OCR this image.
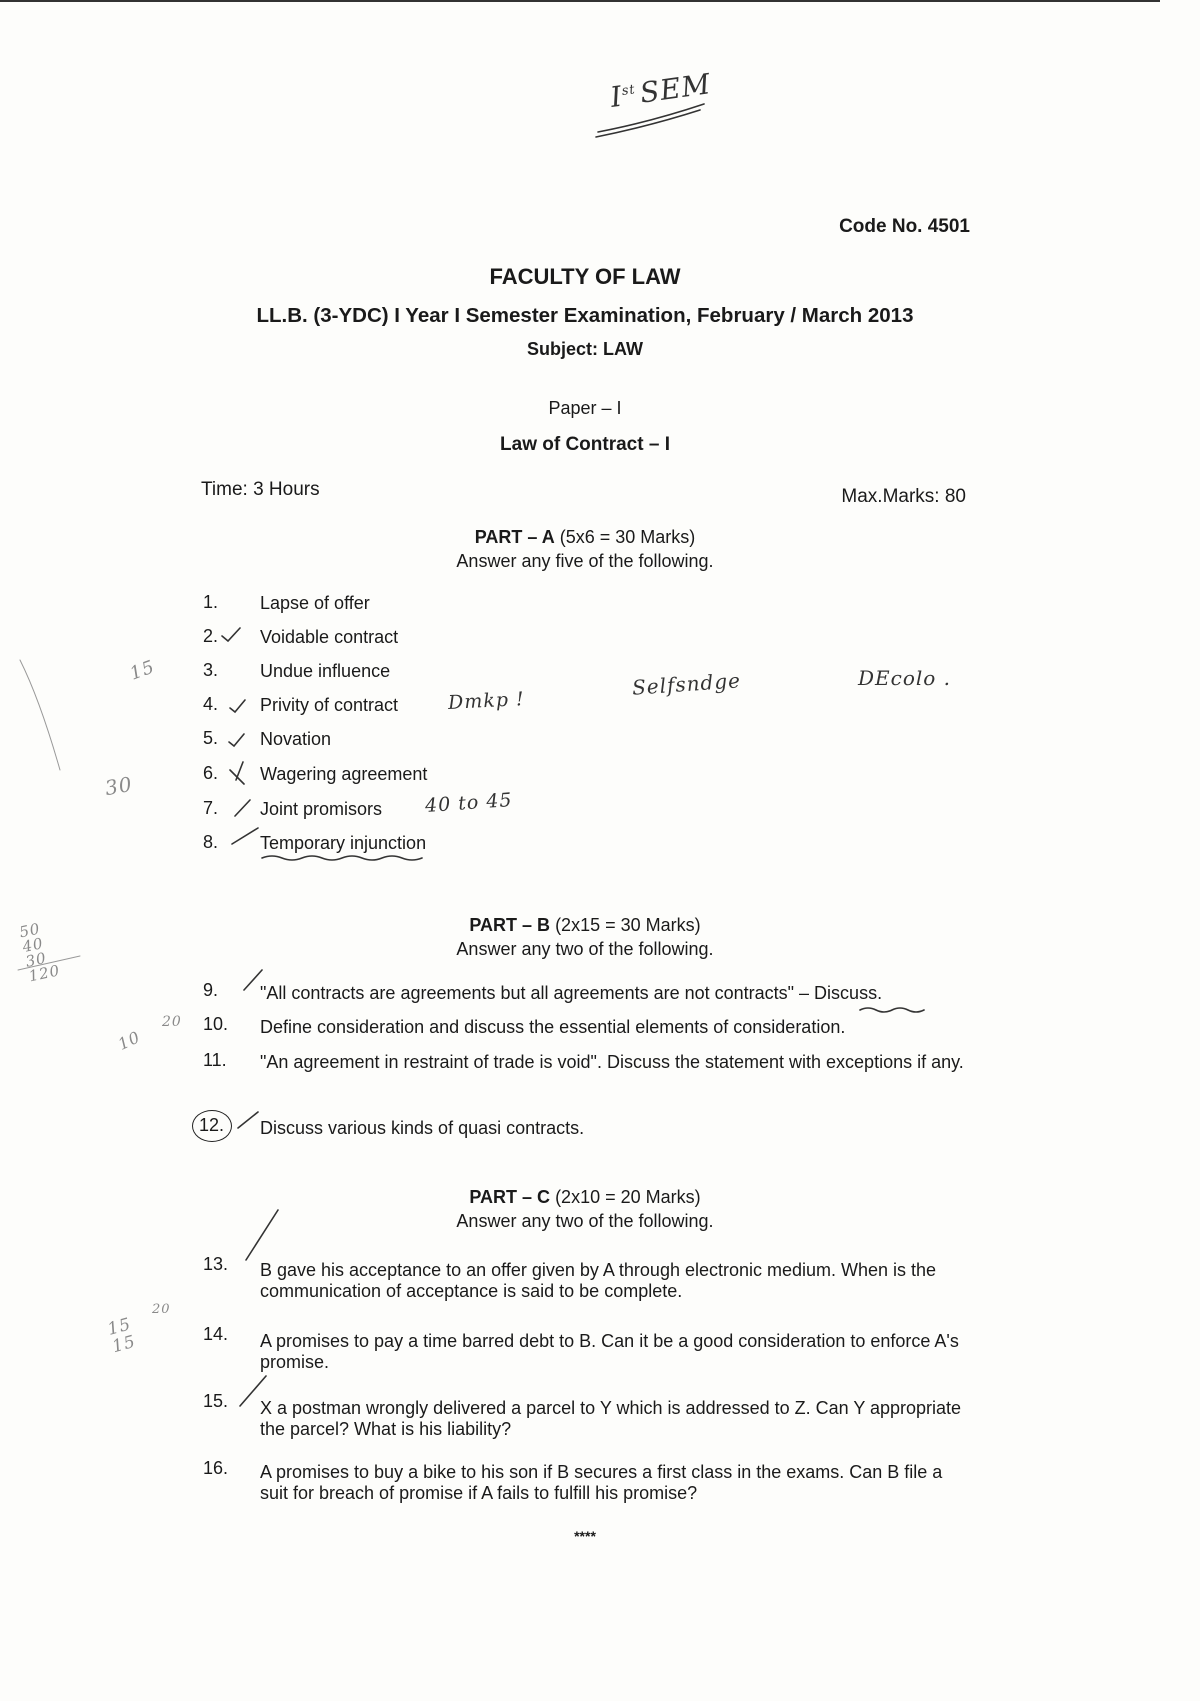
IstSEM
Code No. 4501
FACULTY OF LAW
LL.B. (3-YDC) I Year I Semester Examination, February / March 2013
Subject: LAW
Paper – I
Law of Contract – I
Time: 3 Hours	Max.Marks: 80
PART – A (5x6 = 30 Marks)
Answer any five of the following.
1. Lapse of offer
2. Voidable contract
3. Undue influence
4. Privity of contract
5. Novation
6. Wagering agreement
7. Joint promisors
8. Temporary injunction
Dmkp !
Selfsndge	DEcolo .
40 to 45
15
30
50 40 30 120
20
10
15 15
20
PART – B (2x15 = 30 Marks)
Answer any two of the following.
9. "All contracts are agreements but all agreements are not contracts" – Discuss.
10. Define consideration and discuss the essential elements of consideration.
11. "An agreement in restraint of trade is void". Discuss the statement with exceptions if any.
12. Discuss various kinds of quasi contracts.
PART – C (2x10 = 20 Marks)
Answer any two of the following.
13. B gave his acceptance to an offer given by A through electronic medium. When is the communication of acceptance is said to be complete.
14. A promises to pay a time barred debt to B. Can it be a good consideration to enforce A's promise.
15. X a postman wrongly delivered a parcel to Y which is addressed to Z. Can Y appropriate the parcel? What is his liability?
16. A promises to buy a bike to his son if B secures a first class in the exams. Can B file a suit for breach of promise if A fails to fulfill his promise?
****
